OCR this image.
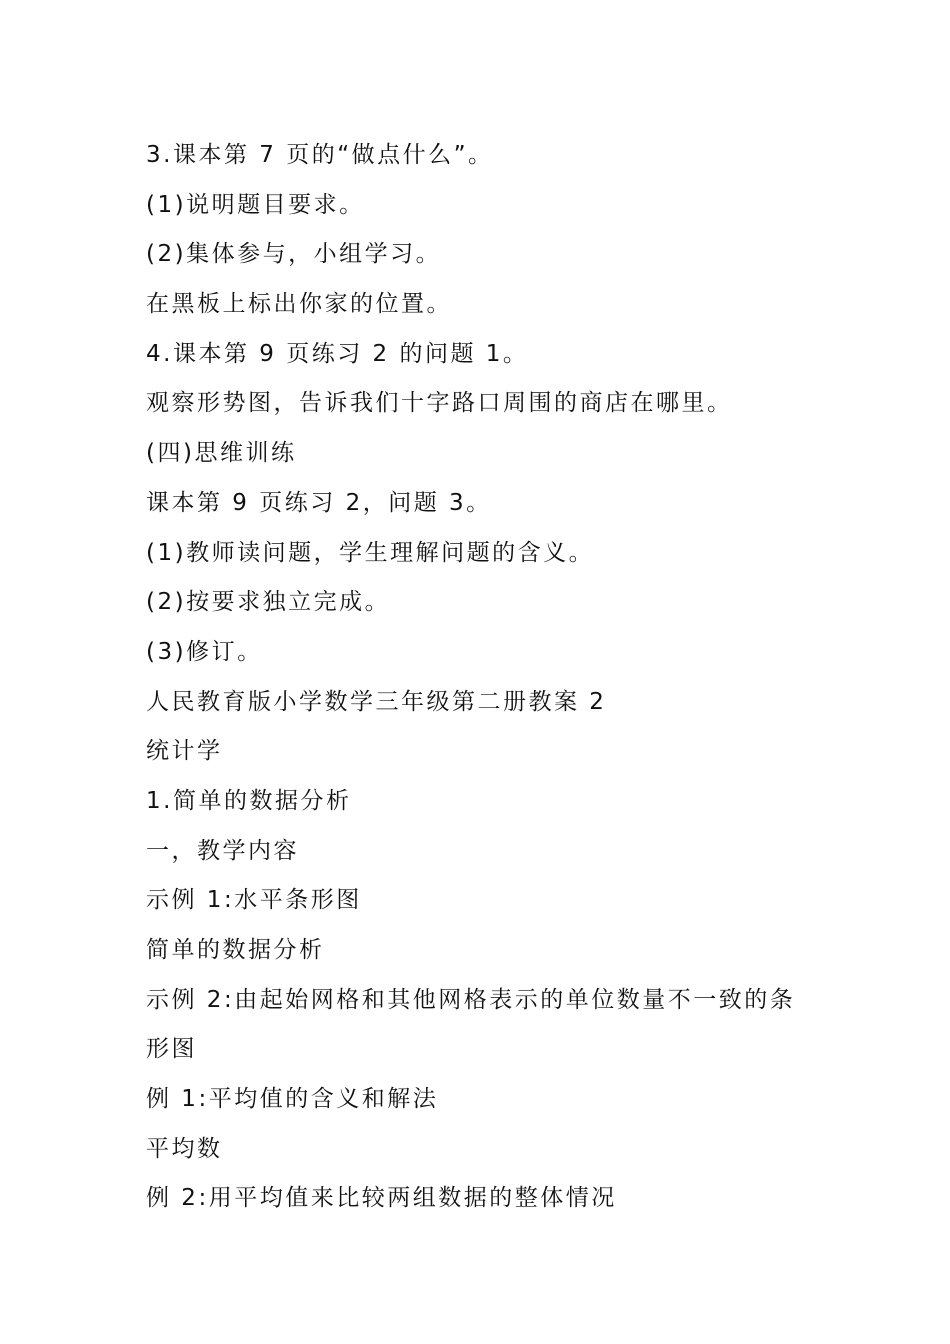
3.课本第 7 页的“做点什么”。

(1)说明题目要求。

(2)集体参与，小组学习。

在黑板上标出你家的位置。

4.课本第 9 页练习 2 的问题 1。

观察形势图，告诉我们十字路口周围的商店在哪里。

(四)思维训练

课本第 9 页练习 2，问题 3。

(1)教师读问题，学生理解问题的含义。

(2)按要求独立完成。

(3)修订。

人民教育版小学数学三年级第二册教案 2

统计学

1.简单的数据分析

一，教学内容

示例 1:水平条形图

简单的数据分析

示例 2:由起始网格和其他网格表示的单位数量不一致的条

形图

例 1:平均值的含义和解法

平均数

例 2:用平均值来比较两组数据的整体情况
